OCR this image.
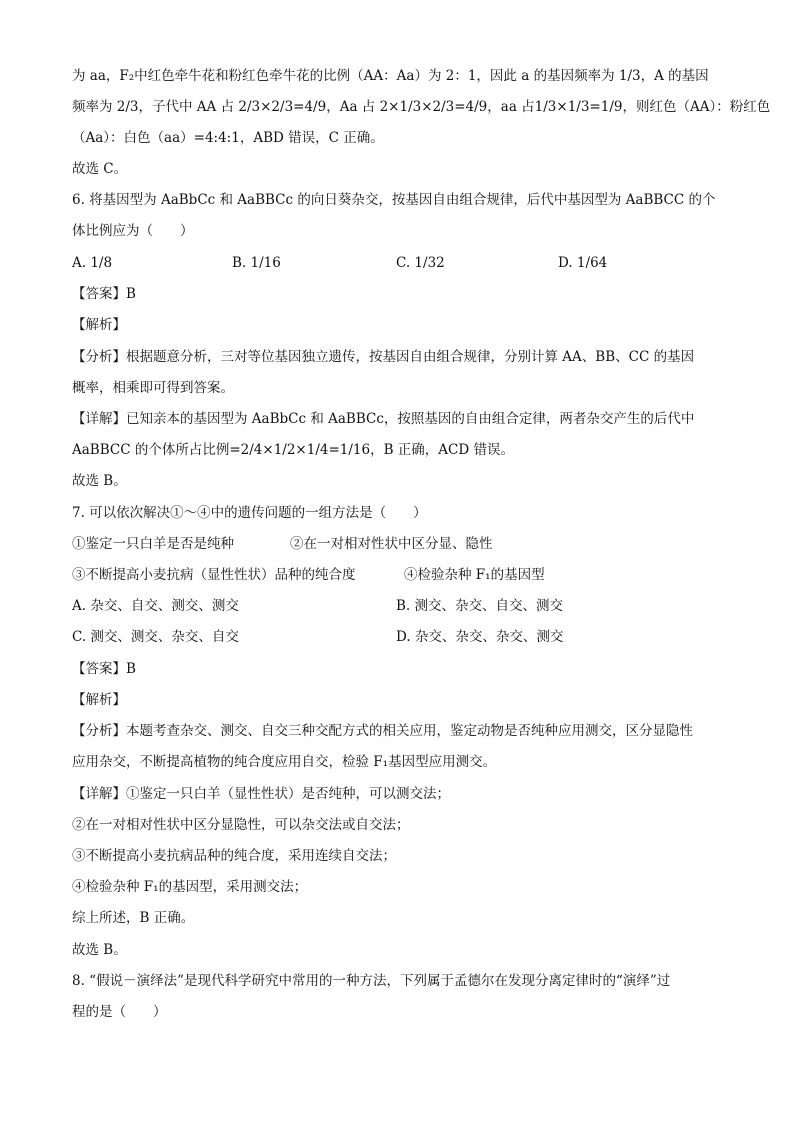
为 aa，F₂中红色牵牛花和粉红色牵牛花的比例（AA：Aa）为 2：1，因此 a 的基因频率为 1/3，A 的基因
频率为 2/3，子代中 AA 占 2/3×2/3=4/9，Aa 占 2×1/3×2/3=4/9，aa 占1/3×1/3=1/9，则红色（AA）：粉红色
（Aa）：白色（aa）=4:4:1，ABD 错误，C 正确。
故选 C。
6. 将基因型为 AaBbCc 和 AaBBCc 的向日葵杂交，按基因自由组合规律，后代中基因型为 AaBBCC 的个
体比例应为（　　）
A. 1/8	B. 1/16	C. 1/32	D. 1/64
【答案】B
【解析】
【分析】根据题意分析，三对等位基因独立遗传，按基因自由组合规律，分别计算 AA、BB、CC 的基因
概率，相乘即可得到答案。
【详解】已知亲本的基因型为 AaBbCc 和 AaBBCc，按照基因的自由组合定律，两者杂交产生的后代中
AaBBCC 的个体所占比例=2/4×1/2×1/4=1/16，B 正确，ACD 错误。
故选 B。
7. 可以依次解决①～④中的遗传问题的一组方法是（　　）
①鉴定一只白羊是否是纯种	②在一对相对性状中区分显、隐性
③不断提高小麦抗病（显性性状）品种的纯合度	④检验杂种 F₁的基因型
A. 杂交、自交、测交、测交	B. 测交、杂交、自交、测交
C. 测交、测交、杂交、自交	D. 杂交、杂交、杂交、测交
【答案】B
【解析】
【分析】本题考查杂交、测交、自交三种交配方式的相关应用，鉴定动物是否纯种应用测交，区分显隐性
应用杂交，不断提高植物的纯合度应用自交，检验 F₁基因型应用测交。
【详解】①鉴定一只白羊（显性性状）是否纯种，可以测交法；
②在一对相对性状中区分显隐性，可以杂交法或自交法；
③不断提高小麦抗病品种的纯合度，采用连续自交法；
④检验杂种 F₁的基因型，采用测交法；
综上所述，B 正确。
故选 B。
8. “假说－演绎法”是现代科学研究中常用的一种方法，下列属于孟德尔在发现分离定律时的“演绎”过
程的是（　　）
